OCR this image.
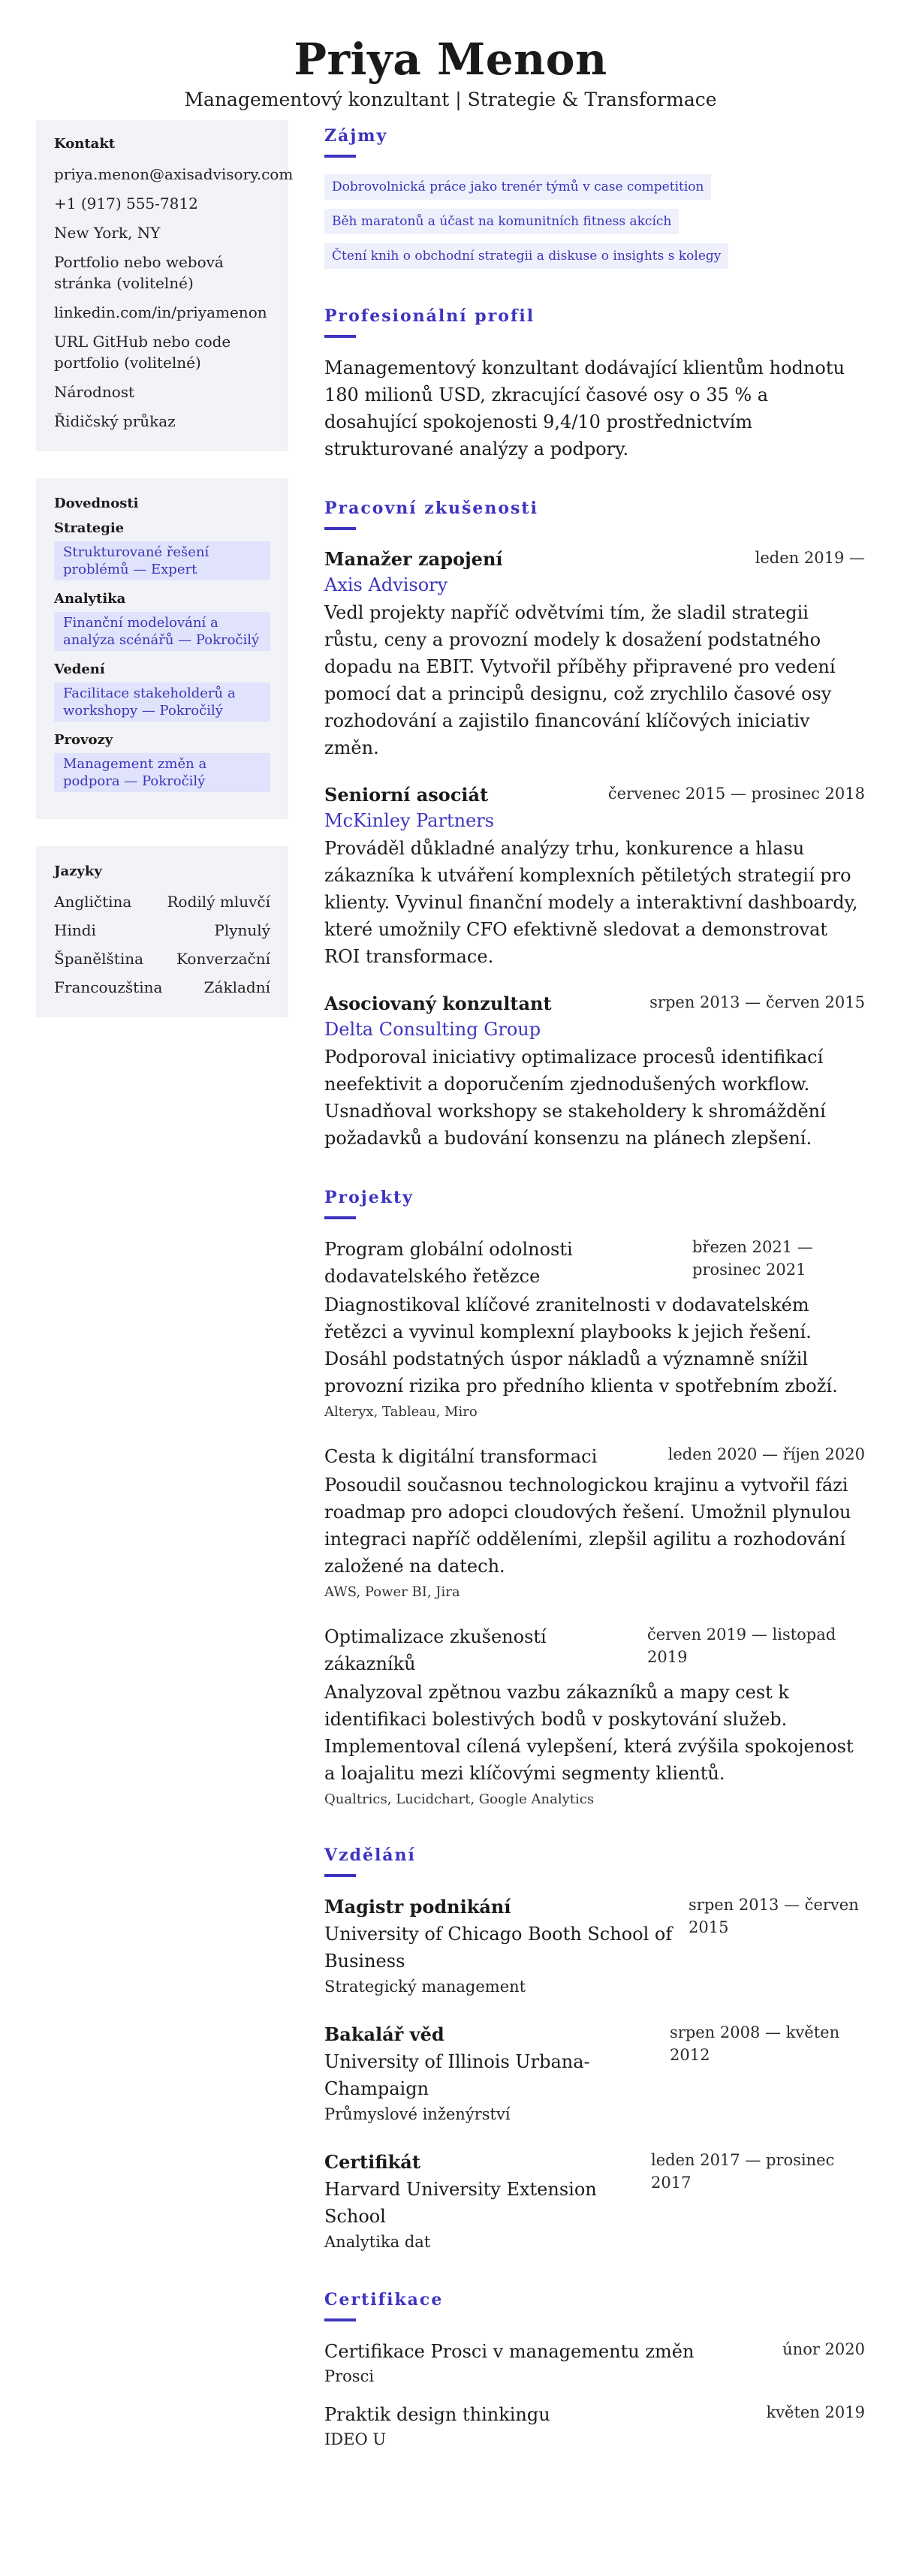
Priya Menon
Managementový konzultant | Strategie & Transformace
Kontakt
priya.menon@axisadvisory.com
+1 (917) 555-7812
New York, NY
Portfolio nebo webová stránka (volitelné)
linkedin.com/in/priyamenon
URL GitHub nebo code portfolio (volitelné)
Národnost
Řidičský průkaz
Dovednosti
Strategie
Strukturované řešení problémů — Expert
Analytika
Finanční modelování a analýza scénářů — Pokročilý
Vedení
Facilitace stakeholderů a workshopy — Pokročilý
Provozy
Management změn a podpora — Pokročilý
Jazyky
Angličtina Rodilý mluvčí
Hindi	Plynulý
Španělština Konverzační
Francouzština	Základní
Zájmy
Dobrovolnická práce jako trenér týmů v case competition
Běh maratonů a účast na komunitních fitness akcích
Čtení knih o obchodní strategii a diskuse o insights s kolegy
Profesionální profil

Managementový konzultant dodávající klientům hodnotu 180 milionů USD, zkracující časové osy o 35 % a dosahující spokojenosti 9,4/10 prostřednictvím strukturované analýzy a podpory.

Pracovní zkušenosti
Manažer zapojení	leden 2019 —
Axis Advisory

Vedl projekty napříč odvětvími tím, že sladil strategii růstu, ceny a provozní modely k dosažení podstatného dopadu na EBIT. Vytvořil příběhy připravené pro vedení pomocí dat a principů designu, což zrychlilo časové osy rozhodování a zajistilo financování klíčových iniciativ změn.

Seniorní asociát	červenec 2015 — prosinec 2018
McKinley Partners

Prováděl důkladné analýzy trhu, konkurence a hlasu zákazníka k utváření komplexních pětiletých strategií pro klienty. Vyvinul finanční modely a interaktivní dashboardy, které umožnily CFO efektivně sledovat a demonstrovat ROI transformace.

Asociovaný konzultant	srpen 2013 — červen 2015
Delta Consulting Group

Podporoval iniciativy optimalizace procesů identifikací neefektivit a doporučením zjednodušených workflow. Usnadňoval workshopy se stakeholdery k shromáždění požadavků a budování konsenzu na plánech zlepšení.

Projekty
Program globální odolnosti dodavatelského řetězce
březen 2021 — prosinec 2021

Diagnostikoval klíčové zranitelnosti v dodavatelském řetězci a vyvinul komplexní playbooks k jejich řešení. Dosáhl podstatných úspor nákladů a významně snížil provozní rizika pro předního klienta v spotřebním zboží.

Alteryx, Tableau, Miro
Cesta k digitální transformaci	leden 2020 — říjen 2020

Posoudil současnou technologickou krajinu a vytvořil fázi roadmap pro adopci cloudových řešení. Umožnil plynulou integraci napříč odděleními, zlepšil agilitu a rozhodování založené na datech.

AWS, Power BI, Jira
Optimalizace zkušeností zákazníků
červen 2019 — listopad 2019

Analyzoval zpětnou vazbu zákazníků a mapy cest k identifikaci bolestivých bodů v poskytování služeb. Implementoval cílená vylepšení, která zvýšila spokojenost a loajalitu mezi klíčovými segmenty klientů.

Qualtrics, Lucidchart, Google Analytics
Vzdělání
Magistr podnikání
University of Chicago Booth School of Business
Strategický management
srpen 2013 — červen 2015
Bakalář věd
University of Illinois Urbana-Champaign
Průmyslové inženýrství
srpen 2008 — květen 2012
Certifikát
Harvard University Extension School
Analytika dat
leden 2017 — prosinec 2017
Certifikace
Certifikace Prosci v managementu změn	únor 2020
Prosci
Praktik design thinkingu	květen 2019
IDEO U
